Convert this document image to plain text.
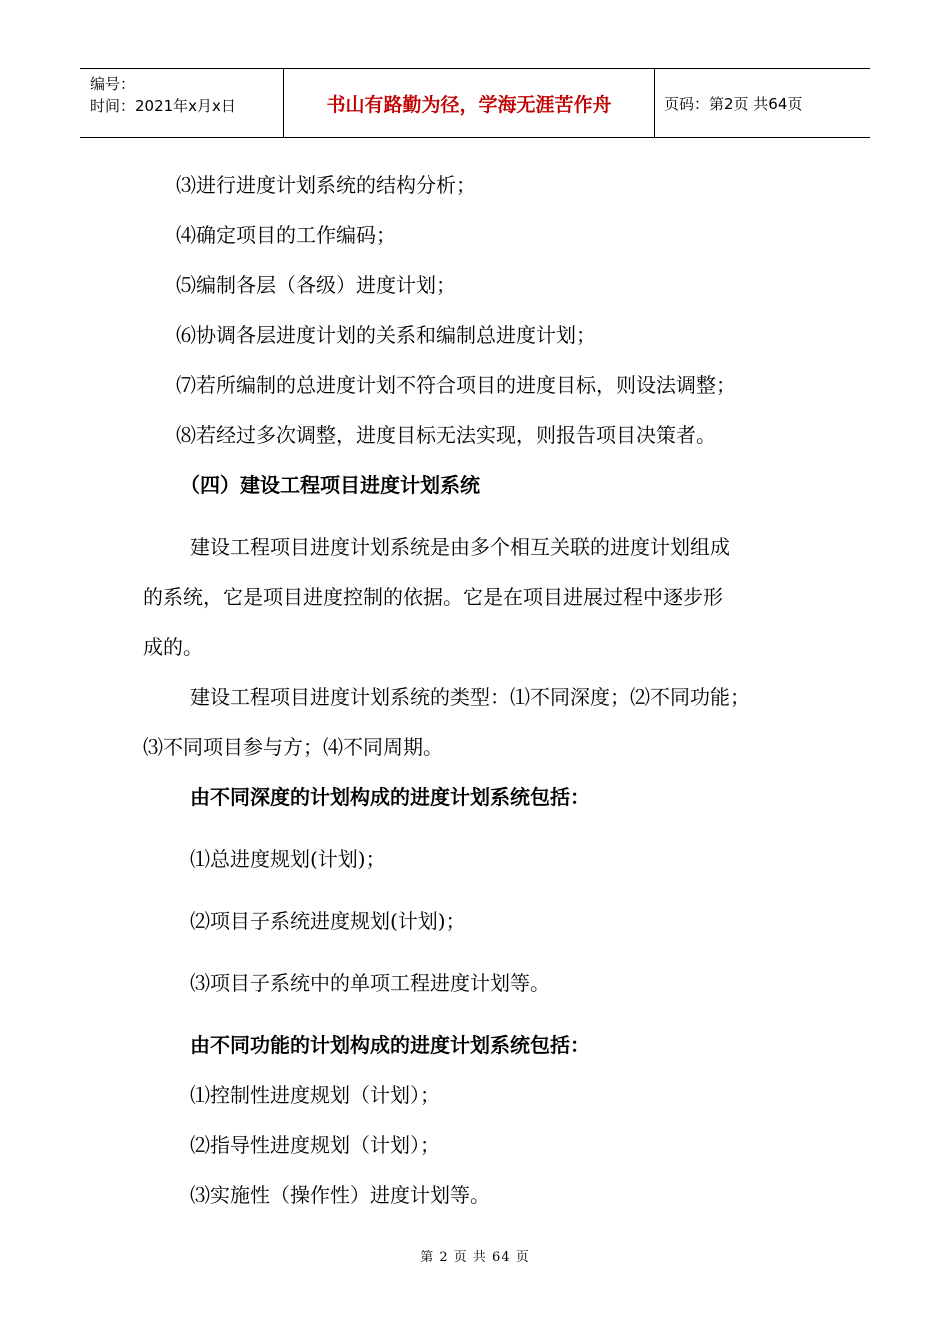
编号：
时间：2021年x月x日	书山有路勤为径，学海无涯苦作舟	页码：第2页 共64页
⑶进行进度计划系统的结构分析；
⑷确定项目的工作编码；
⑸编制各层（各级）进度计划；
⑹协调各层进度计划的关系和编制总进度计划；
⑺若所编制的总进度计划不符合项目的进度目标，则设法调整；
⑻若经过多次调整，进度目标无法实现，则报告项目决策者。
（四）建设工程项目进度计划系统
建设工程项目进度计划系统是由多个相互关联的进度计划组成
的系统，它是项目进度控制的依据。它是在项目进展过程中逐步形
成的。
建设工程项目进度计划系统的类型：⑴不同深度；⑵不同功能；
⑶不同项目参与方；⑷不同周期。
由不同深度的计划构成的进度计划系统包括：
⑴总进度规划(计划)；
⑵项目子系统进度规划(计划)；
⑶项目子系统中的单项工程进度计划等。
由不同功能的计划构成的进度计划系统包括：
⑴控制性进度规划（计划）；
⑵指导性进度规划（计划）；
⑶实施性（操作性）进度计划等。
第 2 页 共 64 页
